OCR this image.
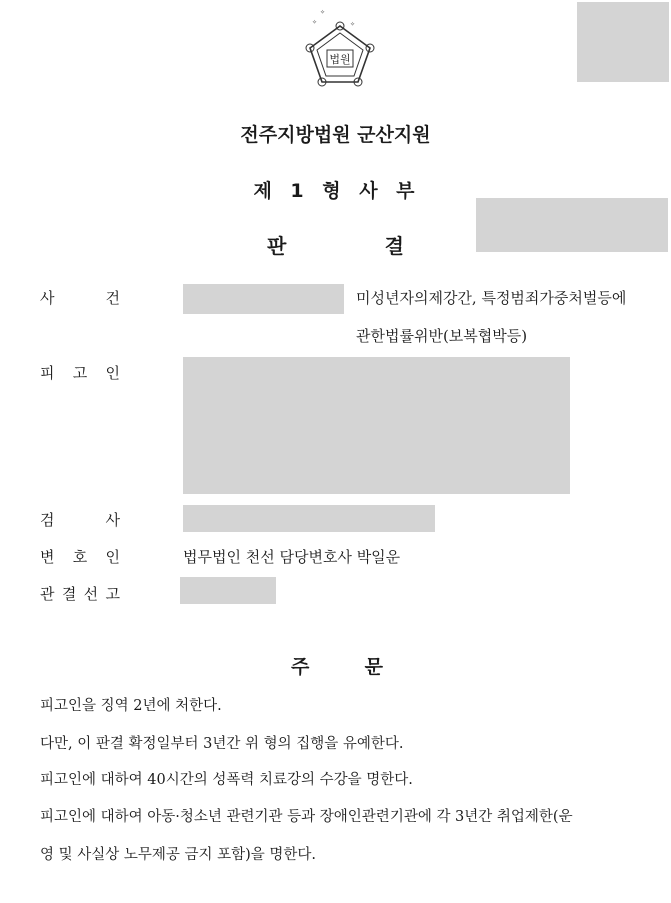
✧
✧
✧
법원
전주지방법원 군산지원
제 1 형 사 부
판	결
사	건	미성년자의제강간, 특정범죄가중처벌등에
관한법률위반(보복협박등)
피 고 인
검	사
변 호 인	법무법인 천선 담당변호사 박일운
관 결 선 고
주	문
피고인을 징역 2년에 처한다.
다만, 이 판결 확정일부터 3년간 위 형의 집행을 유예한다.
피고인에 대하여 40시간의 성폭력 치료강의 수강을 명한다.
피고인에 대하여 아동·청소년 관련기관 등과 장애인관련기관에 각 3년간 취업제한(운
영 및 사실상 노무제공 금지 포함)을 명한다.
